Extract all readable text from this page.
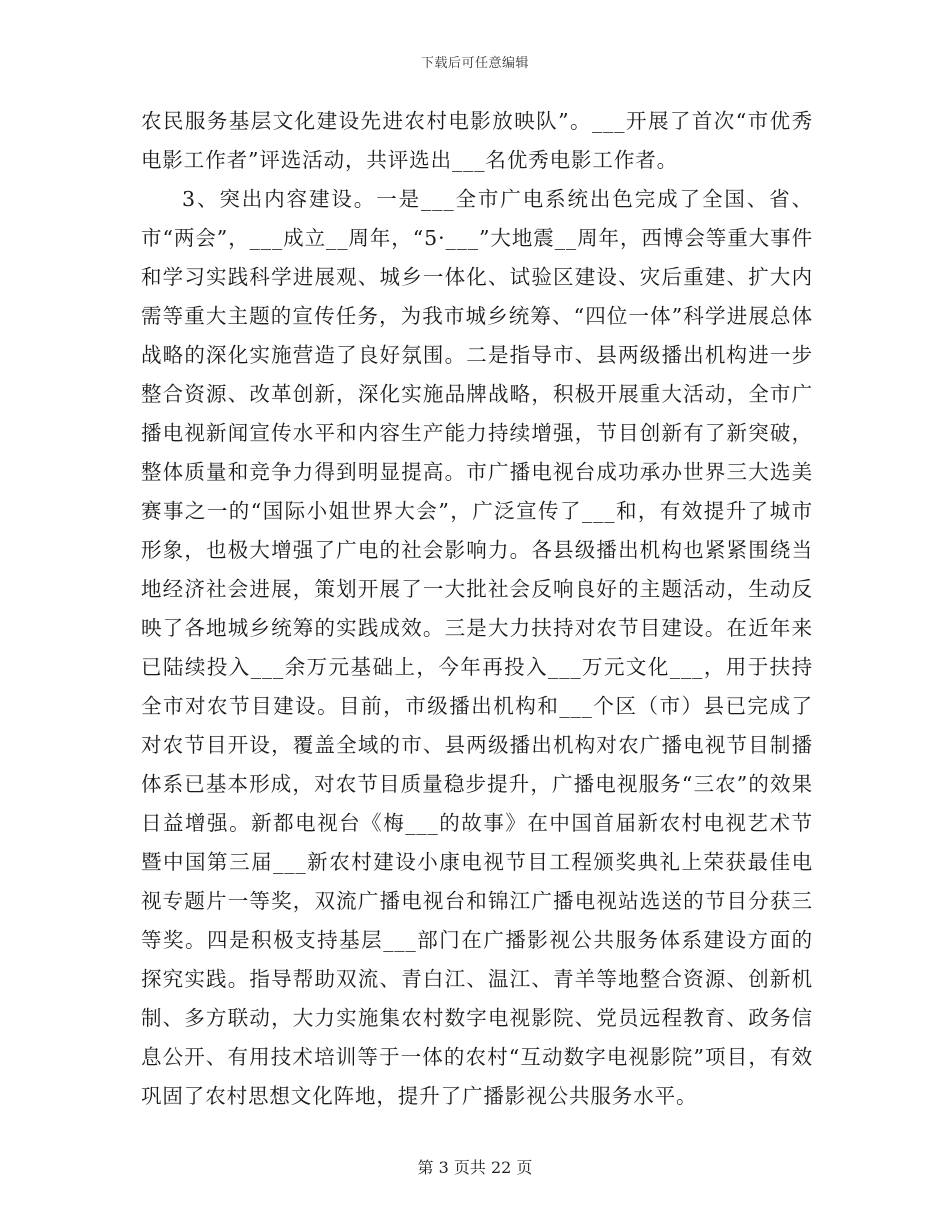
下载后可任意编辑

农民服务基层文化建设先进农村电影放映队”。___开展了首次“市优秀电影工作者”评选活动，共评选出___名优秀电影工作者。

3、突出内容建设。一是___全市广电系统出色完成了全国、省、市“两会”，___成立__周年，“5·___”大地震__周年，西博会等重大事件和学习实践科学进展观、城乡一体化、试验区建设、灾后重建、扩大内需等重大主题的宣传任务，为我市城乡统筹、“四位一体”科学进展总体战略的深化实施营造了良好氛围。二是指导市、县两级播出机构进一步整合资源、改革创新，深化实施品牌战略，积极开展重大活动，全市广播电视新闻宣传水平和内容生产能力持续增强，节目创新有了新突破，整体质量和竞争力得到明显提高。市广播电视台成功承办世界三大选美赛事之一的“国际小姐世界大会”，广泛宣传了___和，有效提升了城市形象，也极大增强了广电的社会影响力。各县级播出机构也紧紧围绕当地经济社会进展，策划开展了一大批社会反响良好的主题活动，生动反映了各地城乡统筹的实践成效。三是大力扶持对农节目建设。在近年来已陆续投入___余万元基础上，今年再投入___万元文化___，用于扶持全市对农节目建设。目前，市级播出机构和___个区（市）县已完成了对农节目开设，覆盖全域的市、县两级播出机构对农广播电视节目制播体系已基本形成，对农节目质量稳步提升，广播电视服务“三农”的效果日益增强。新都电视台《梅___的故事》在中国首届新农村电视艺术节暨中国第三届___新农村建设小康电视节目工程颁奖典礼上荣获最佳电视专题片一等奖，双流广播电视台和锦江广播电视站选送的节目分获三等奖。四是积极支持基层___部门在广播影视公共服务体系建设方面的探究实践。指导帮助双流、青白江、温江、青羊等地整合资源、创新机制、多方联动，大力实施集农村数字电视影院、党员远程教育、政务信息公开、有用技术培训等于一体的农村“互动数字电视影院”项目，有效巩固了农村思想文化阵地，提升了广播影视公共服务水平。

第 3 页共 22 页
